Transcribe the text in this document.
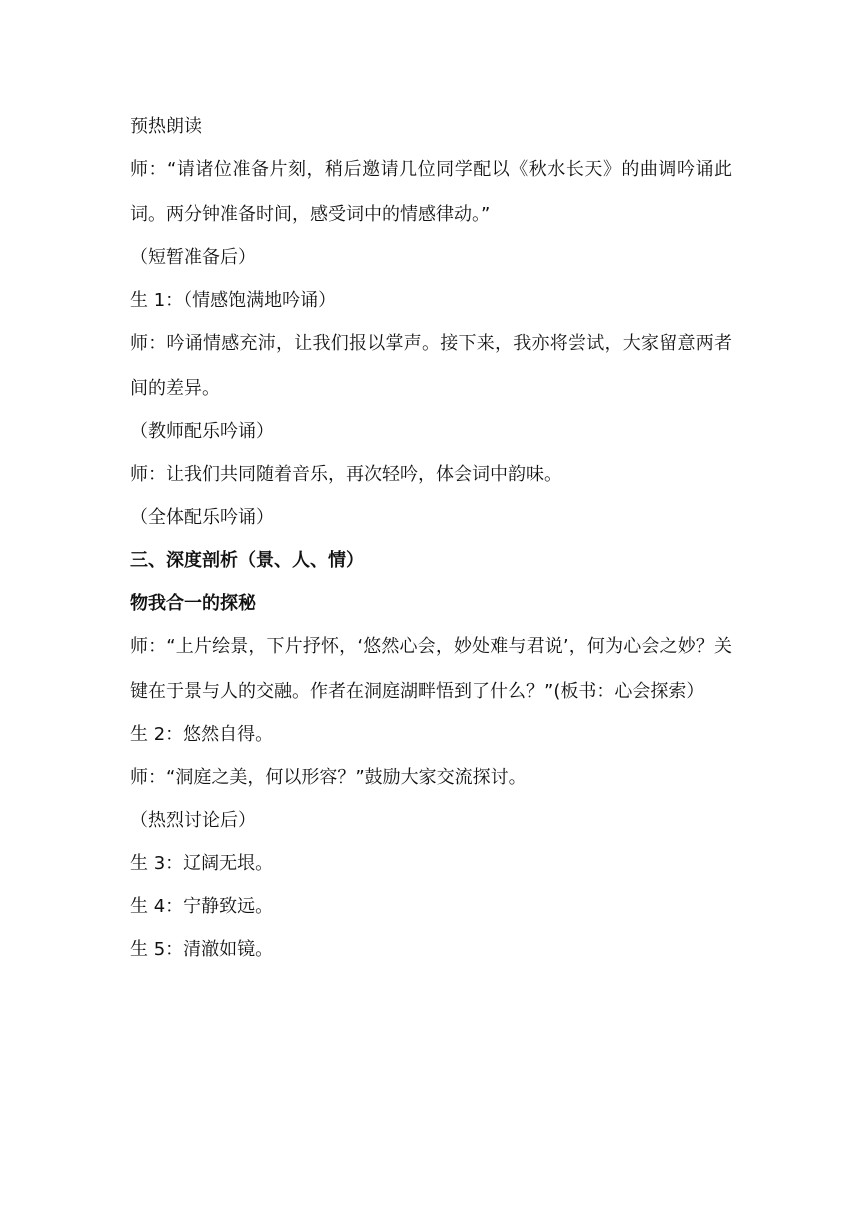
预热朗读

师：“请诸位准备片刻，稍后邀请几位同学配以《秋水长天》的曲调吟诵此词。两分钟准备时间，感受词中的情感律动。”

（短暂准备后）

生 1：（情感饱满地吟诵）

师：吟诵情感充沛，让我们报以掌声。接下来，我亦将尝试，大家留意两者间的差异。

（教师配乐吟诵）

师：让我们共同随着音乐，再次轻吟，体会词中韵味。

（全体配乐吟诵）

三、深度剖析（景、人、情）

物我合一的探秘

师：“上片绘景，下片抒怀，‘悠然心会，妙处难与君说’，何为心会之妙？关键在于景与人的交融。作者在洞庭湖畔悟到了什么？”(板书：心会探索）

生 2：悠然自得。

师：“洞庭之美，何以形容？”鼓励大家交流探讨。

（热烈讨论后）

生 3：辽阔无垠。

生 4：宁静致远。

生 5：清澈如镜。
